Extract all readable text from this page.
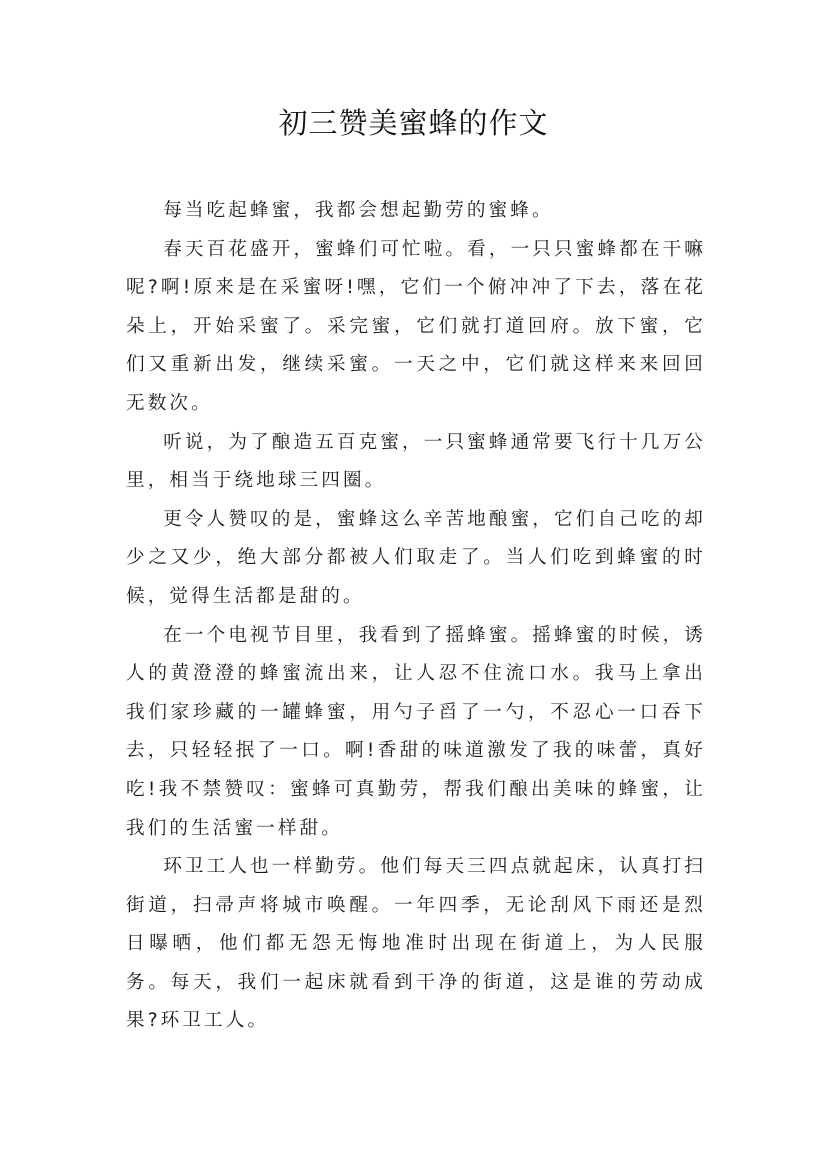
初三赞美蜜蜂的作文

每当吃起蜂蜜，我都会想起勤劳的蜜蜂。

春天百花盛开，蜜蜂们可忙啦。看，一只只蜜蜂都在干嘛呢?啊!原来是在采蜜呀!嘿，它们一个俯冲冲了下去，落在花朵上，开始采蜜了。采完蜜，它们就打道回府。放下蜜，它们又重新出发，继续采蜜。一天之中，它们就这样来来回回无数次。

听说，为了酿造五百克蜜，一只蜜蜂通常要飞行十几万公里，相当于绕地球三四圈。

更令人赞叹的是，蜜蜂这么辛苦地酿蜜，它们自己吃的却少之又少，绝大部分都被人们取走了。当人们吃到蜂蜜的时候，觉得生活都是甜的。

在一个电视节目里，我看到了摇蜂蜜。摇蜂蜜的时候，诱人的黄澄澄的蜂蜜流出来，让人忍不住流口水。我马上拿出我们家珍藏的一罐蜂蜜，用勺子舀了一勺，不忍心一口吞下去，只轻轻抿了一口。啊!香甜的味道激发了我的味蕾，真好吃!我不禁赞叹：蜜蜂可真勤劳，帮我们酿出美味的蜂蜜，让我们的生活蜜一样甜。

环卫工人也一样勤劳。他们每天三四点就起床，认真打扫街道，扫帚声将城市唤醒。一年四季，无论刮风下雨还是烈日曝晒，他们都无怨无悔地准时出现在街道上，为人民服务。每天，我们一起床就看到干净的街道，这是谁的劳动成果?环卫工人。
